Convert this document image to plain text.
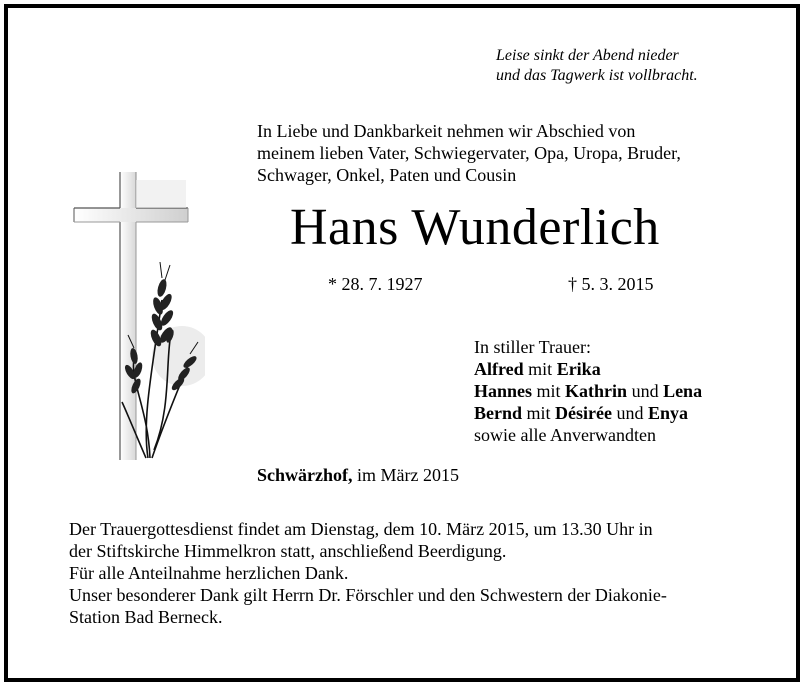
Leise sinkt der Abend nieder
und das Tagwerk ist vollbracht.
In Liebe und Dankbarkeit nehmen wir Abschied von
meinem lieben Vater, Schwiegervater, Opa, Uropa, Bruder,
Schwager, Onkel, Paten und Cousin
Hans Wunderlich
* 28. 7. 1927	† 5. 3. 2015
In stiller Trauer:
Alfred mit Erika
Hannes mit Kathrin und Lena
Bernd mit Désirée und Enya
sowie alle Anverwandten
Schwärzhof, im März 2015
Der Trauergottesdienst findet am Dienstag, dem 10. März 2015, um 13.30 Uhr in
der Stiftskirche Himmelkron statt, anschließend Beerdigung.
Für alle Anteilnahme herzlichen Dank.
Unser besonderer Dank gilt Herrn Dr. Förschler und den Schwestern der Diakonie-
Station Bad Berneck.
